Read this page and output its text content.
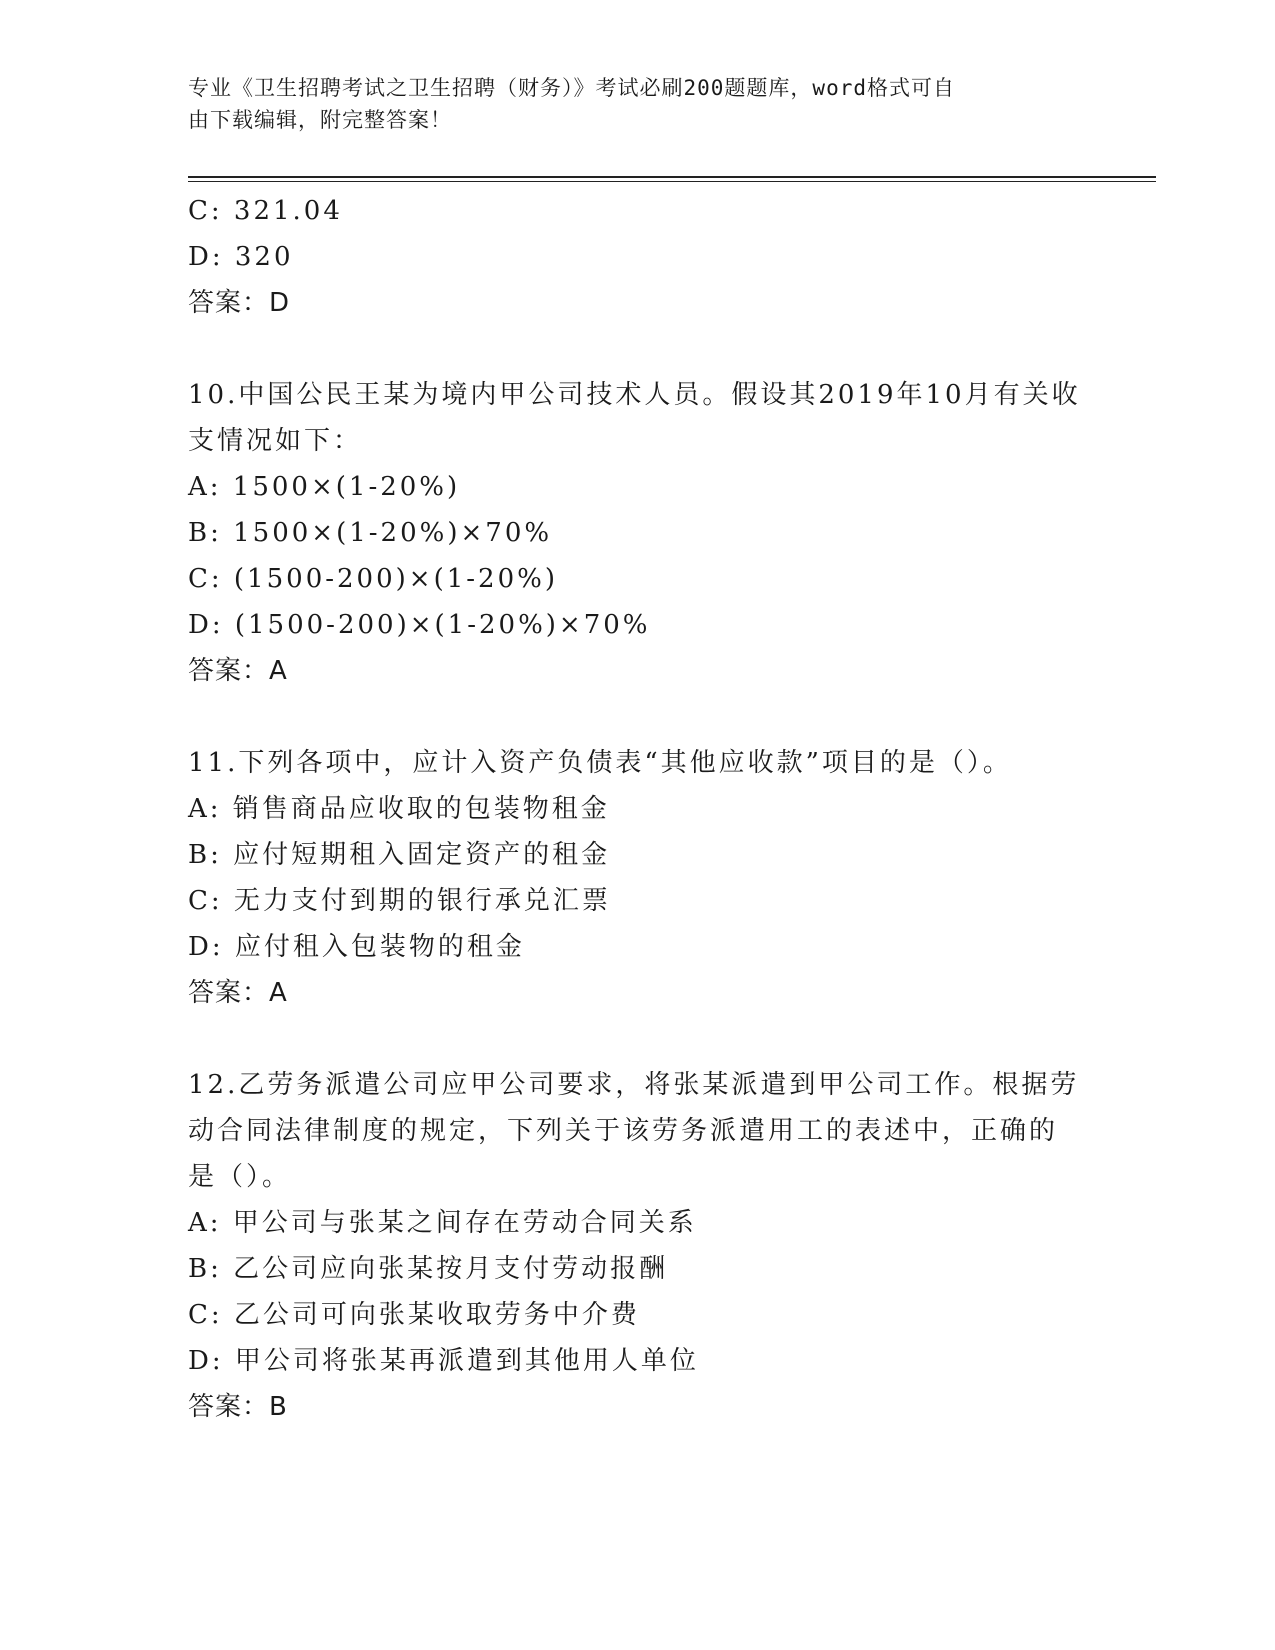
专业《卫生招聘考试之卫生招聘（财务）》考试必刷200题题库，word格式可自
由下载编辑，附完整答案！
C: 321.04
D: 320
答案：D
10.中国公民王某为境内甲公司技术人员。假设其2019年10月有关收
支情况如下：
A: 1500×(1-20%)
B: 1500×(1-20%)×70%
C: (1500-200)×(1-20%)
D: (1500-200)×(1-20%)×70%
答案：A
11.下列各项中，应计入资产负债表“其他应收款”项目的是（）。
A: 销售商品应收取的包装物租金
B: 应付短期租入固定资产的租金
C: 无力支付到期的银行承兑汇票
D: 应付租入包装物的租金
答案：A
12.乙劳务派遣公司应甲公司要求，将张某派遣到甲公司工作。根据劳
动合同法律制度的规定，下列关于该劳务派遣用工的表述中，正确的
是（）。
A: 甲公司与张某之间存在劳动合同关系
B: 乙公司应向张某按月支付劳动报酬
C: 乙公司可向张某收取劳务中介费
D: 甲公司将张某再派遣到其他用人单位
答案：B
